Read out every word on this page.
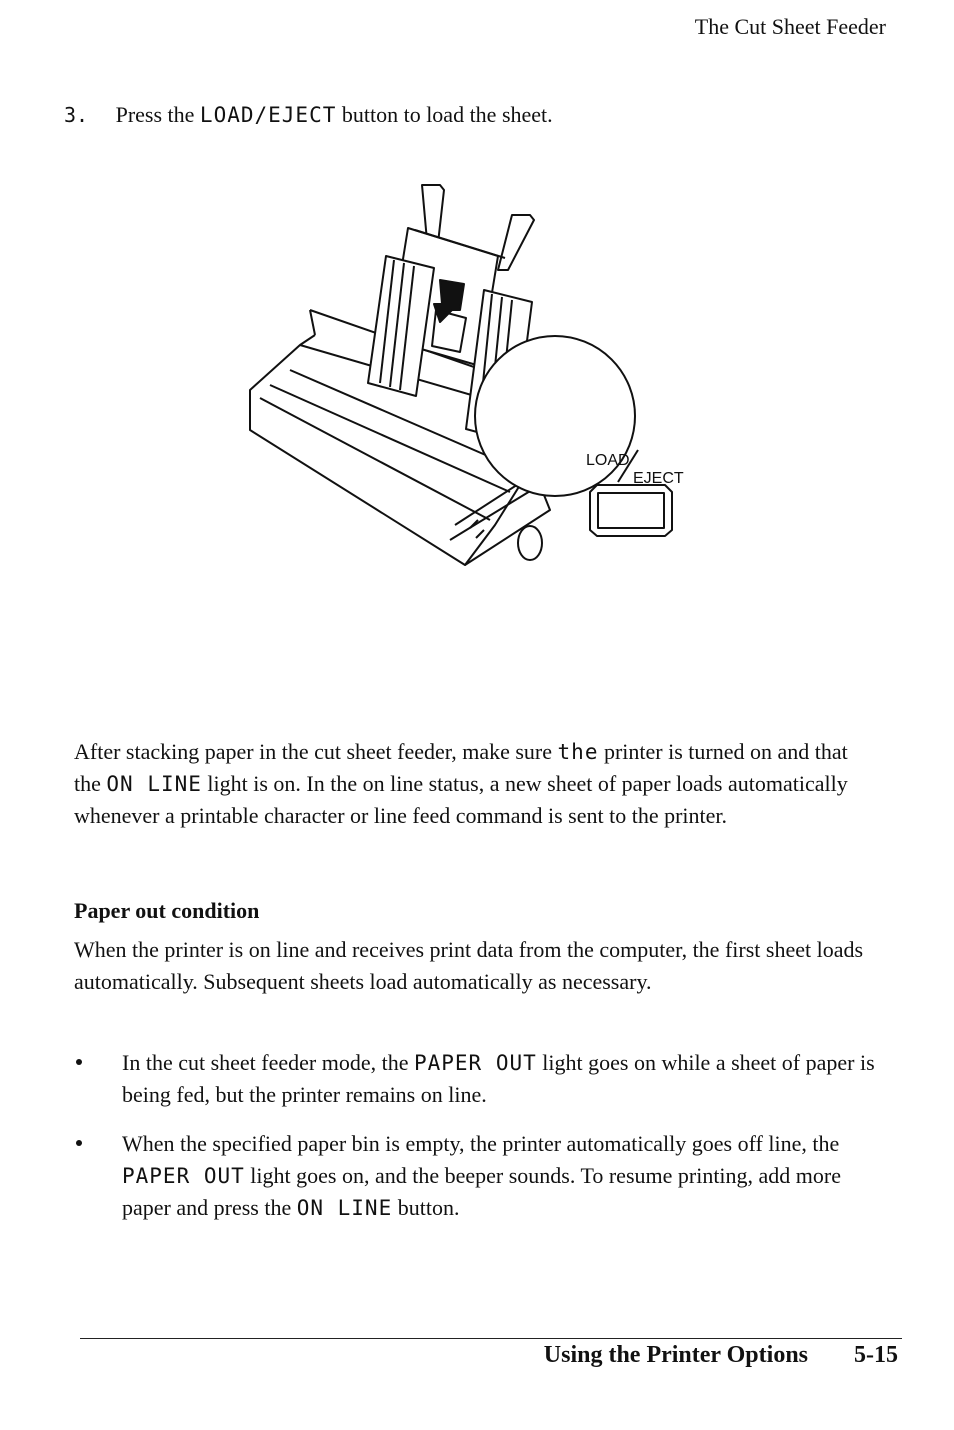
The Cut Sheet Feeder
3. Press the LOAD/EJECT button to load the sheet.
LOAD
EJECT
After stacking paper in the cut sheet feeder, make sure the printer is turned on and that the ON LINE light is on. In the on line status, a new sheet of paper loads automatically whenever a printable character or line feed command is sent to the printer.
Paper out condition
When the printer is on line and receives print data from the computer, the first sheet loads automatically. Subsequent sheets load automatically as necessary.
In the cut sheet feeder mode, the PAPER OUT light goes on while a sheet of paper is being fed, but the printer remains on line.
When the specified paper bin is empty, the printer automatically goes off line, the PAPER OUT light goes on, and the beeper sounds. To resume printing, add more paper and press the ON LINE button.
Using the Printer Options 5-15
